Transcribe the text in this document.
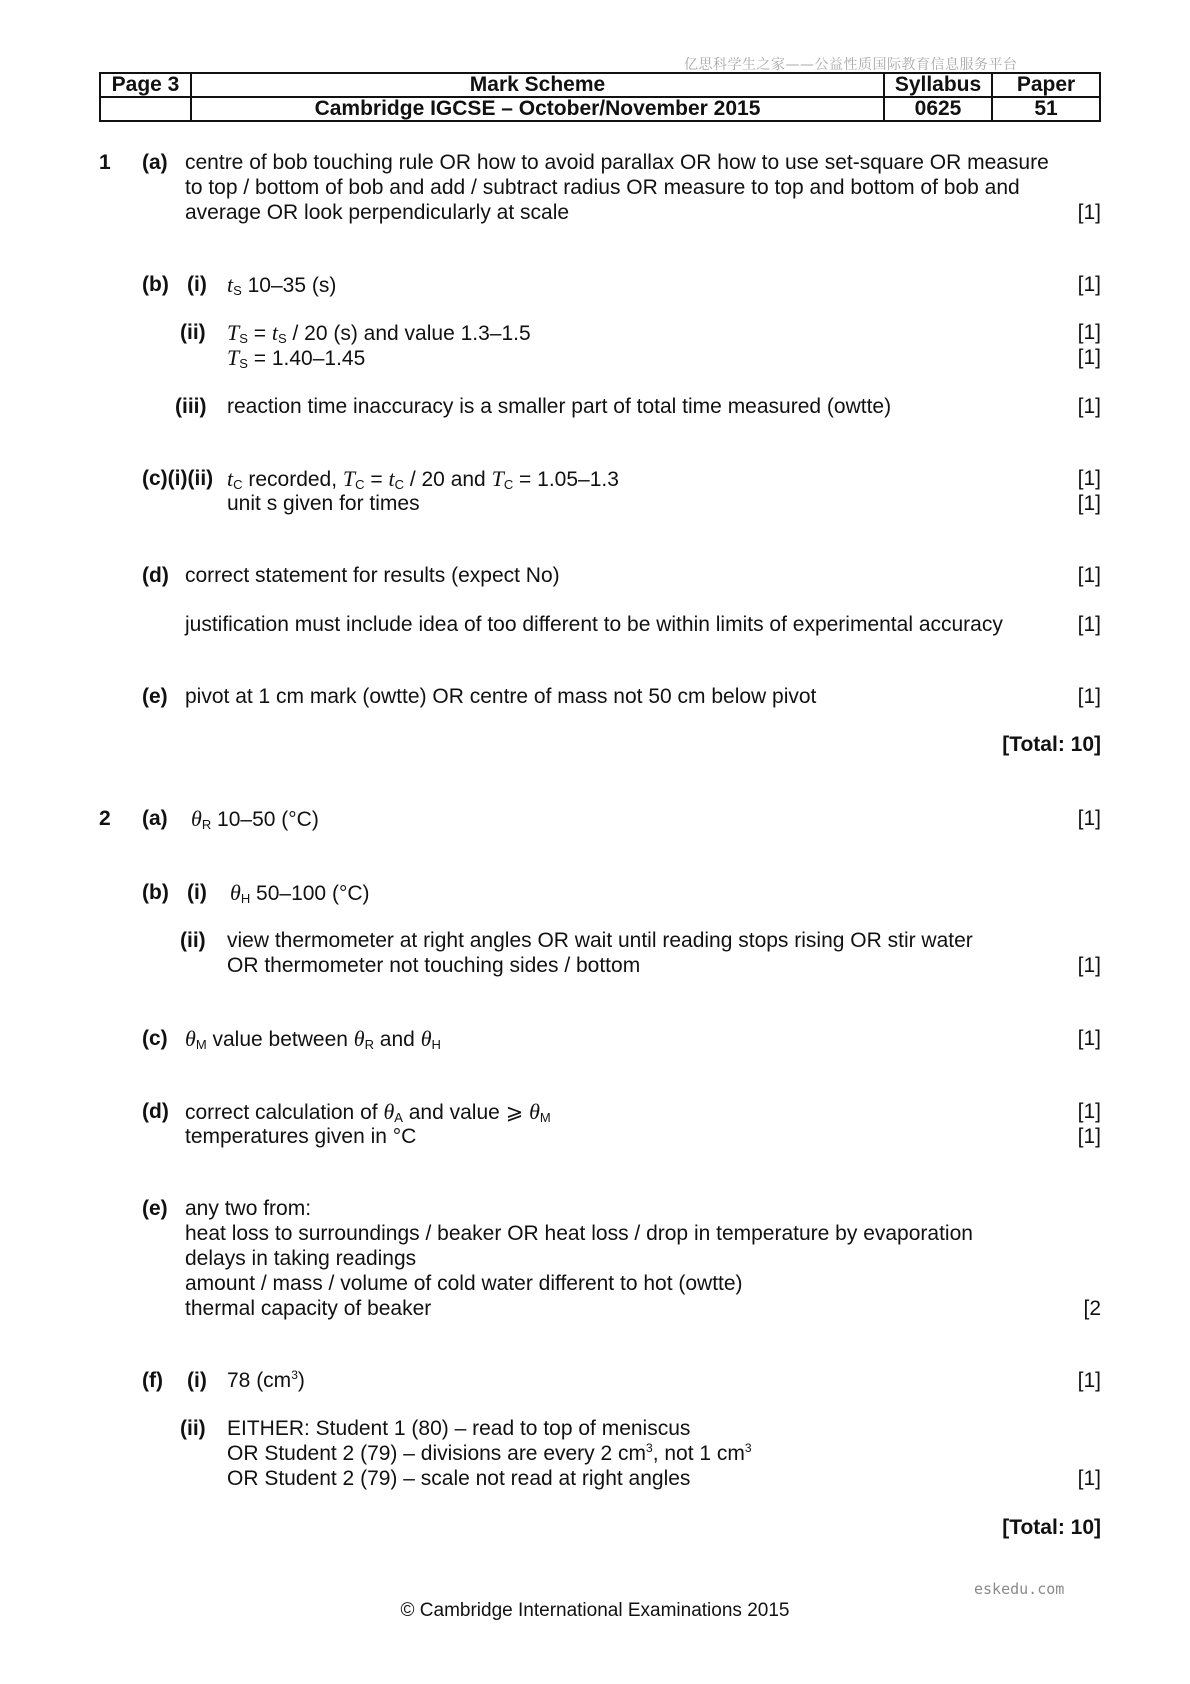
亿思科学生之家——公益性质国际教育信息服务平台
Page 3	Mark Scheme	Syllabus	Paper
	Cambridge IGCSE – October/November 2015	0625	51
1 (a) centre of bob touching rule OR how to avoid parallax OR how to use set-square OR measure
to top / bottom of bob and add / subtract radius OR measure to top and bottom of bob and
average OR look perpendicularly at scale	[1]
(b) (i) $t_S$ 10–35 (s)	[1]
(ii) $T_S = t_S / 20$ (s) and value 1.3–1.5	[1]
$T_S = 1.40-1.45$	[1]
(iii) reaction time inaccuracy is a smaller part of total time measured (owtte)	[1]
(c)(i)(ii) $t_C$ recorded, $T_C = t_C / 20$ and $T_C = 1.05-1.3$	[1]
unit s given for times	[1]
(d) correct statement for results (expect No)	[1]
justification must include idea of too different to be within limits of experimental accuracy	[1]
(e) pivot at 1 cm mark (owtte) OR centre of mass not 50 cm below pivot	[1]
[Total: 10]
2 (a) $\theta_R$ 10–50 (°C)	[1]
(b) (i) $\theta_H$ 50–100 (°C)
(ii) view thermometer at right angles OR wait until reading stops rising OR stir water
OR thermometer not touching sides / bottom	[1]
(c) $\theta_M$ value between $\theta_R$ and $\theta_H$	[1]
(d) correct calculation of $\theta_A$ and value ⩾ $\theta_M$	[1]
temperatures given in °C	[1]
(e) any two from:
heat loss to surroundings / beaker OR heat loss / drop in temperature by evaporation
delays in taking readings
amount / mass / volume of cold water different to hot (owtte)
thermal capacity of beaker	[2
(f) (i) 78 $(cm^3)$	[1]
(ii) EITHER: Student 1 (80) – read to top of meniscus
OR Student 2 (79) – divisions are every 2 $cm^3$, not 1 $cm^3$
OR Student 2 (79) – scale not read at right angles	[1]
[Total: 10]
eskedu.com
© Cambridge International Examinations 2015
